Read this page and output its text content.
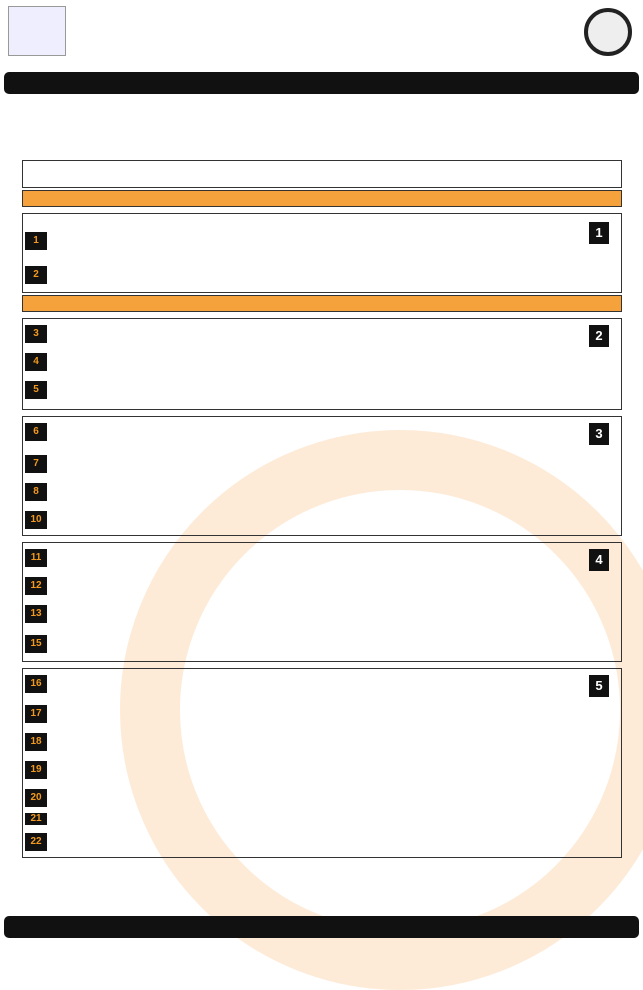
1
2
1
3
4
5
2
6
7
8
10
3
11
12
13
15
4
16
17
18
19
20
21
22
5
